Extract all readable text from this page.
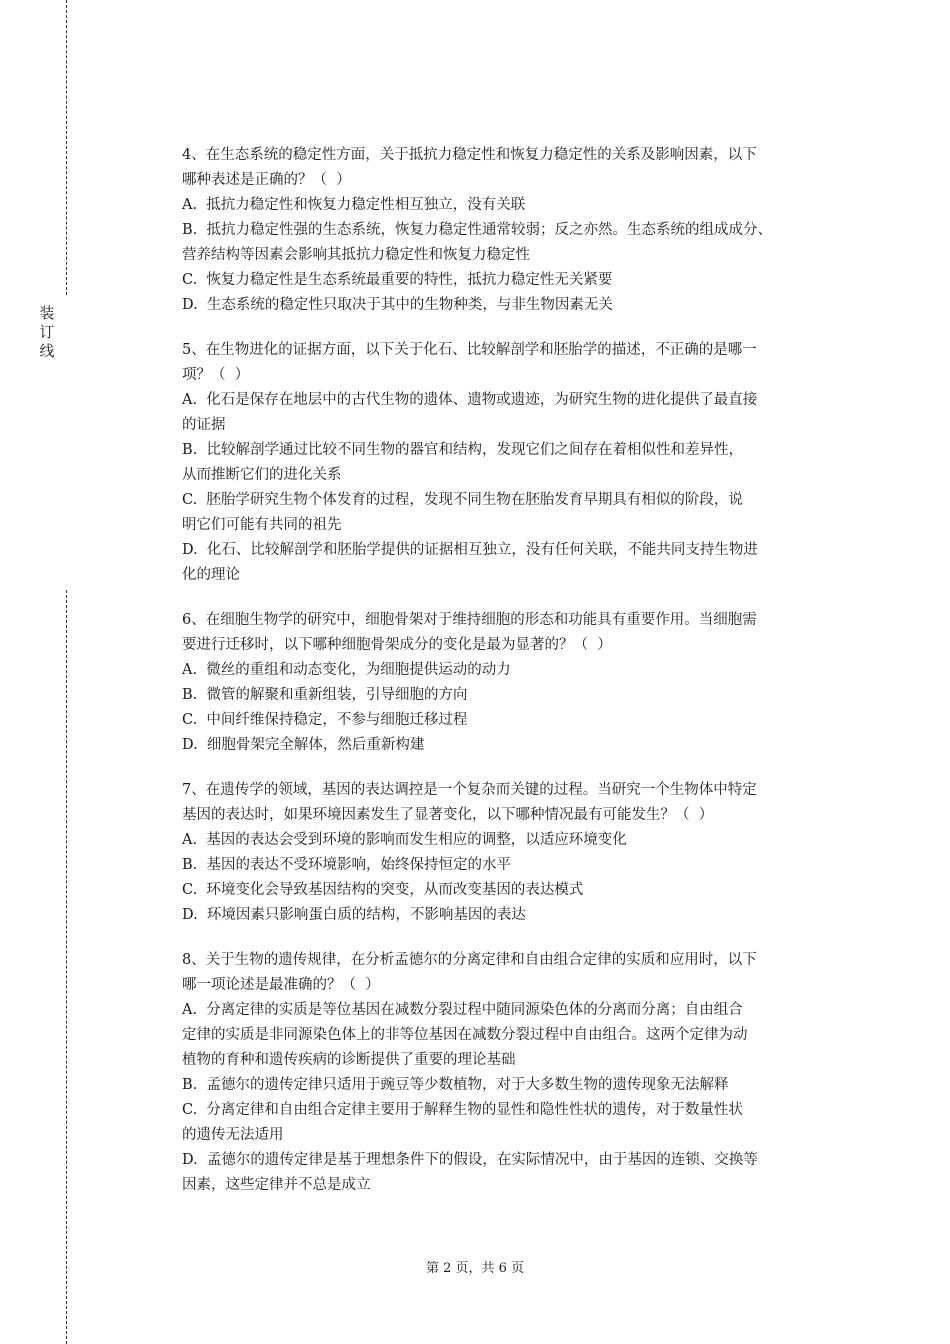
装
订
线

4、在生态系统的稳定性方面，关于抵抗力稳定性和恢复力稳定性的关系及影响因素，以下
哪种表述是正确的？（  ）

A.  抵抗力稳定性和恢复力稳定性相互独立，没有关联

B.  抵抗力稳定性强的生态系统，恢复力稳定性通常较弱；反之亦然。生态系统的组成成分、
营养结构等因素会影响其抵抗力稳定性和恢复力稳定性

C.  恢复力稳定性是生态系统最重要的特性，抵抗力稳定性无关紧要

D.  生态系统的稳定性只取决于其中的生物种类，与非生物因素无关

5、在生物进化的证据方面，以下关于化石、比较解剖学和胚胎学的描述，不正确的是哪一
项？（  ）

A.  化石是保存在地层中的古代生物的遗体、遗物或遗迹，为研究生物的进化提供了最直接
的证据

B.  比较解剖学通过比较不同生物的器官和结构，发现它们之间存在着相似性和差异性，
从而推断它们的进化关系

C.  胚胎学研究生物个体发育的过程，发现不同生物在胚胎发育早期具有相似的阶段，说
明它们可能有共同的祖先

D.  化石、比较解剖学和胚胎学提供的证据相互独立，没有任何关联，不能共同支持生物进
化的理论

6、在细胞生物学的研究中，细胞骨架对于维持细胞的形态和功能具有重要作用。当细胞需
要进行迁移时，以下哪种细胞骨架成分的变化是最为显著的？（  ）

A.  微丝的重组和动态变化，为细胞提供运动的动力

B.  微管的解聚和重新组装，引导细胞的方向

C.  中间纤维保持稳定，不参与细胞迁移过程

D.  细胞骨架完全解体，然后重新构建

7、在遗传学的领域，基因的表达调控是一个复杂而关键的过程。当研究一个生物体中特定
基因的表达时，如果环境因素发生了显著变化，以下哪种情况最有可能发生？（  ）

A.  基因的表达会受到环境的影响而发生相应的调整，以适应环境变化

B.  基因的表达不受环境影响，始终保持恒定的水平

C.  环境变化会导致基因结构的突变，从而改变基因的表达模式

D.  环境因素只影响蛋白质的结构，不影响基因的表达

8、关于生物的遗传规律，在分析孟德尔的分离定律和自由组合定律的实质和应用时，以下
哪一项论述是最准确的？（  ）

A.  分离定律的实质是等位基因在减数分裂过程中随同源染色体的分离而分离；自由组合
定律的实质是非同源染色体上的非等位基因在减数分裂过程中自由组合。这两个定律为动
植物的育种和遗传疾病的诊断提供了重要的理论基础

B.  孟德尔的遗传定律只适用于豌豆等少数植物，对于大多数生物的遗传现象无法解释

C.  分离定律和自由组合定律主要用于解释生物的显性和隐性性状的遗传，对于数量性状
的遗传无法适用

D.  孟德尔的遗传定律是基于理想条件下的假设，在实际情况中，由于基因的连锁、交换等
因素，这些定律并不总是成立

第 2 页，共 6 页
